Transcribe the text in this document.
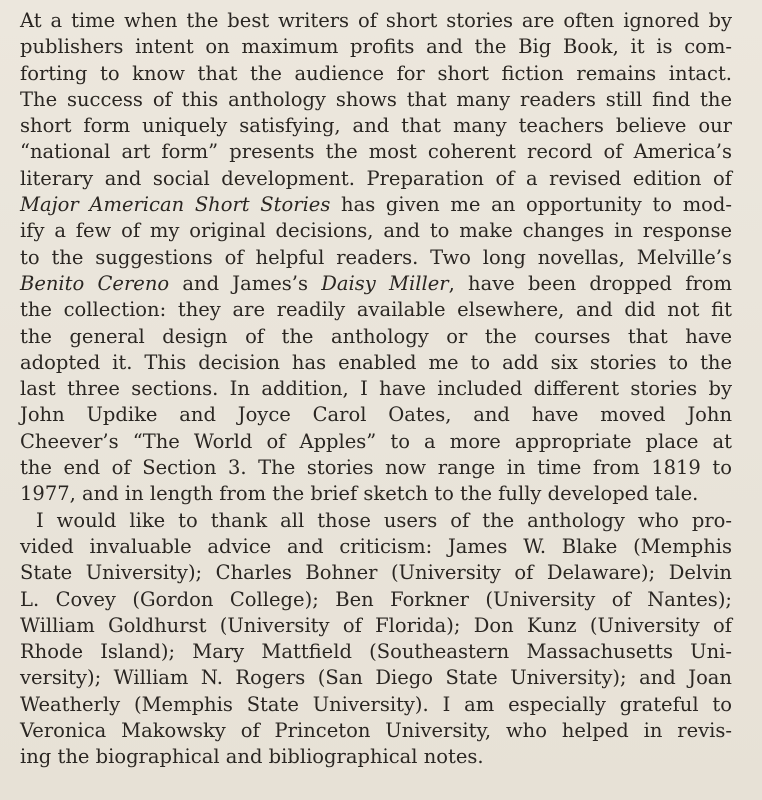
At a time when the best writers of short stories are often ignored by
publishers intent on maximum profits and the Big Book, it is com-
forting to know that the audience for short fiction remains intact.
The success of this anthology shows that many readers still find the
short form uniquely satisfying, and that many teachers believe our
“national art form” presents the most coherent record of America’s
literary and social development. Preparation of a revised edition of
Major American Short Stories has given me an opportunity to mod-
ify a few of my original decisions, and to make changes in response
to the suggestions of helpful readers. Two long novellas, Melville’s
Benito Cereno and James’s Daisy Miller, have been dropped from
the collection: they are readily available elsewhere, and did not fit
the general design of the anthology or the courses that have
adopted it. This decision has enabled me to add six stories to the
last three sections. In addition, I have included different stories by
John Updike and Joyce Carol Oates, and have moved John
Cheever’s “The World of Apples” to a more appropriate place at
the end of Section 3. The stories now range in time from 1819 to
1977, and in length from the brief sketch to the fully developed tale.
I would like to thank all those users of the anthology who pro-
vided invaluable advice and criticism: James W. Blake (Memphis
State University); Charles Bohner (University of Delaware); Delvin
L. Covey (Gordon College); Ben Forkner (University of Nantes);
William Goldhurst (University of Florida); Don Kunz (University of
Rhode Island); Mary Mattfield (Southeastern Massachusetts Uni-
versity); William N. Rogers (San Diego State University); and Joan
Weatherly (Memphis State University). I am especially grateful to
Veronica Makowsky of Princeton University, who helped in revis-
ing the biographical and bibliographical notes.
